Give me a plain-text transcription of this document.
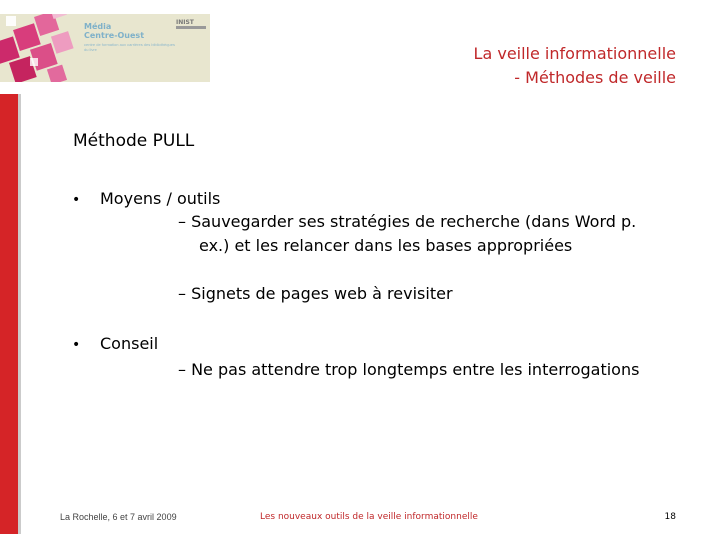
Média
Centre-Ouest
centre de formation aux carrières des bibliothèques du livre
INIST
La veille informationnelle
- Méthodes de veille
Méthode PULL
• Moyens / outils
– Sauvegarder ses stratégies de recherche (dans Word p. ex.) et les relancer dans les bases appropriées
– Signets de pages web à revisiter
• Conseil
– Ne pas attendre trop longtemps entre les interrogations
La Rochelle, 6 et 7 avril 2009	Les nouveaux outils de la veille informationnelle	18
